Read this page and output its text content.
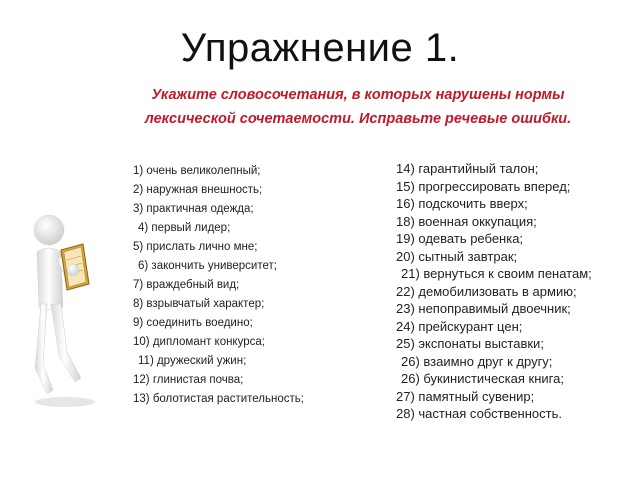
Упражнение 1.
Укажите словосочетания, в которых нарушены нормы
лексической сочетаемости. Исправьте речевые ошибки.
1) очень великолепный;
2) наружная внешность;
3) практичная одежда;
4) первый лидер;
5) прислать лично мне;
6) закончить университет;
7) враждебный вид;
8) взрывчатый характер;
9) соединить воедино;
10) дипломант конкурса;
11) дружеский ужин;
12) глинистая почва;
13) болотистая растительность;
14) гарантийный талон;
15) прогрессировать вперед;
16) подскочить вверх;
18) военная оккупация;
19) одевать ребенка;
20) сытный завтрак;
21) вернуться к своим пенатам;
22) демобилизовать в армию;
23) непоправимый двоечник;
24) прейскурант цен;
25) экспонаты выставки;
26) взаимно друг к другу;
26) букинистическая книга;
27) памятный сувенир;
28) частная собственность.
